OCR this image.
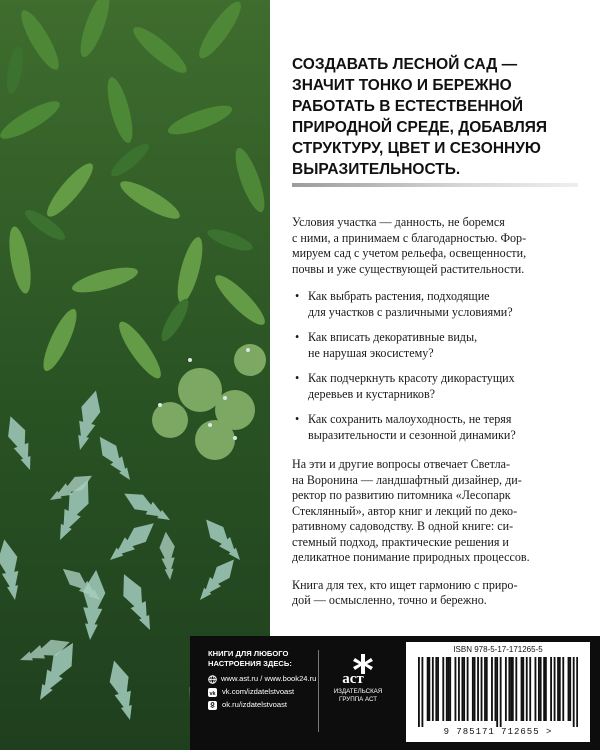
СОЗДАВАТЬ ЛЕСНОЙ САД —
ЗНАЧИТ ТОНКО И БЕРЕЖНО
РАБОТАТЬ В ЕСТЕСТВЕННОЙ
ПРИРОДНОЙ СРЕДЕ, ДОБАВЛЯЯ
СТРУКТУРУ, ЦВЕТ И СЕЗОННУЮ
ВЫРАЗИТЕЛЬНОСТЬ.

Условия участка — данность, не боремся
с ними, а принимаем с благодарностью. Фор-
мируем сад с учетом рельефа, освещенности,
почвы и уже существующей растительности.

• Как выбрать растения, подходящие
для участков с различными условиями?
• Как вписать декоративные виды,
не нарушая экосистему?
• Как подчеркнуть красоту дикорастущих
деревьев и кустарников?
• Как сохранить малоуходность, не теряя
выразительности и сезонной динамики?

На эти и другие вопросы отвечает Светла-
на Воронина — ландшафтный дизайнер, ди-
ректор по развитию питомника «Лесопарк
Стеклянный», автор книг и лекций по деко-
ративному садоводству. В одной книге: си-
стемный подход, практические решения и
деликатное понимание природных процессов.

Книга для тех, кто ищет гармонию с приро-
дой — осмысленно, точно и бережно.

КНИГИ ДЛЯ ЛЮБОГО
НАСТРОЕНИЯ ЗДЕСЬ:
www.ast.ru / www.book24.ru
vk vk.com/izdatelstvoast
ok.ru/izdatelstvoast
аст
ИЗДАТЕЛЬСКАЯ
ГРУППА АСТ
ISBN 978-5-17-171265-5
9 785171 712655 >
